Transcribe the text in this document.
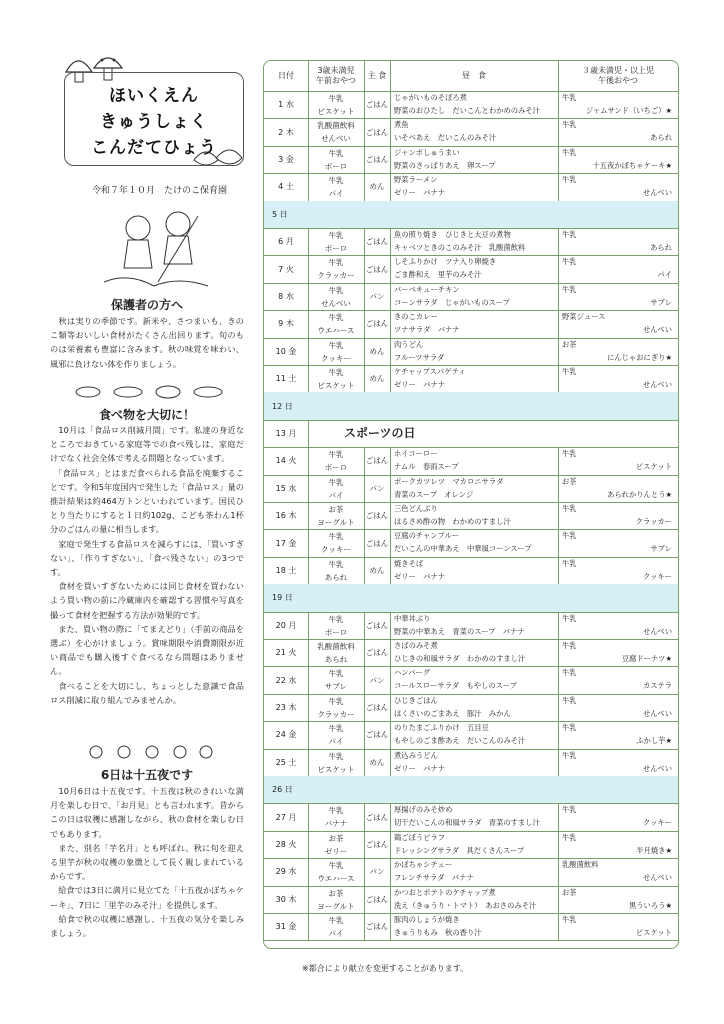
ほいくえん
きゅうしょく
こんだてひょう
令和７年１０月　たけのこ保育園
保護者の方へ
　秋は実りの季節です。新米や、さつまいも、きのこ類等おいしい食材がたくさん出回ります。旬のものは栄養素も豊富に含みます。秋の味覚を味わい、風邪に負けない体を作りましょう。
食べ物を大切に！
　10月は「食品ロス削減月間」です。私達の身近なところでおきている家庭等での食べ残しは、家庭だけでなく社会全体で考える問題となっています。
　「食品ロス」とはまだ食べられる食品を廃棄することです。令和5年度国内で発生した「食品ロス」量の推計結果は約464万トンといわれています。国民ひとり当たりにすると１日約102g、こども茶わん1杯分のごはんの量に相当します。
　家庭で発生する食品ロスを減らすには、「買いすぎない」、「作りすぎない」、「食べ残さない」の3つです。
　食材を買いすぎないためには同じ食材を買わないよう買い物の前に冷蔵庫内を確認する習慣や写真を撮って食材を把握する方法が効果的です。
　また、買い物の際に「てまえどり」（手前の商品を選ぶ）を心がけましょう。賞味期限や消費期限が近い商品でも購入後すぐ食べるなら問題はありません。
　食べることを大切にし、ちょっとした意識で食品ロス削減に取り組んでみませんか。
6日は十五夜です
　10月6日は十五夜です。十五夜は秋のきれいな満月を楽しむ日で、「お月見」とも言われます。昔からこの日は収穫に感謝しながら、秋の食材を楽しむ日でもあります。
　また、別名「芋名月」とも呼ばれ、秋に旬を迎える里芋が秋の収穫の象徴として長く親しまれているからです。
　給食では3日に満月に見立てた「十五夜かぼちゃケーキ」、7日に「里芋のみそ汁」を提供します。
　給食で秋の収穫に感謝し、十五夜の気分を楽しみましょう。
日付
3歳未満児
午前おやつ
主 食	昼　食
３歳未満児・以上児
午後おやつ
1
水
牛乳
ビスケット
ごはん
じゃがいものそぼろ煮
野菜のおひたし　だいこんとわかめのみそ汁
牛乳
ジャムサンド（いちご）★
2
木
乳酸菌飲料
せんべい
ごはん
煮魚
いそべあえ　だいこんのみそ汁
牛乳
あられ
3
金
牛乳
ボーロ
ごはん
ジャンボしゅうまい
野菜のさっぱりあえ　卵スープ
牛乳
十五夜かぼちゃケーキ★
4
土
牛乳
パイ
めん
野菜ラーメン
ゼリー　バナナ
牛乳
せんべい
5
日
6
月
牛乳
ボーロ
ごはん
魚の照り焼き　ひじきと大豆の煮物
キャベツときのこのみそ汁　乳酸菌飲料
牛乳
あられ
7
火
牛乳
クラッカー
ごはん
しそふりかけ　ツナ入り卵焼き
ごま酢和え　里芋のみそ汁
牛乳
パイ
8
水
牛乳
せんべい
パン
バーベキューチキン
コーンサラダ　じゃがいものスープ
牛乳
サブレ
9
木
牛乳
ウエハース
ごはん
きのこカレー
ツナサラダ　バナナ
野菜ジュース
せんべい
10
金
牛乳
クッキー
めん
肉うどん
フルーツサラダ
お茶
にんじゃおにぎり★
11
土
牛乳
ビスケット
めん
ケチャップスパゲティ
ゼリー　バナナ
牛乳
せんべい
12
日
13
月	スポーツの日
14
火
牛乳
ボーロ
ごはん
ホイコーロー
ナムル　春雨スープ
牛乳
ビスケット
15
水
牛乳
パイ
パン
ポークカツレツ　マカロニサラダ
青菜のスープ　オレンジ
お茶
あられかりんとう★
16
木
お茶
ヨーグルト
ごはん
三色どんぶり
はるさめ酢の物　わかめのすまし汁
牛乳
クラッカー
17
金
牛乳
クッキー
ごはん
豆腐のチャンプルー
だいこんの中華あえ　中華風コーンスープ
牛乳
サブレ
18
土
牛乳
あられ
めん
焼きそば
ゼリー　バナナ
牛乳
クッキー
19
日
20
月
牛乳
ボーロ
ごはん
中華丼ぶり
野菜の中華あえ　青菜のスープ　バナナ
牛乳
せんべい
21
火
乳酸菌飲料
あられ
ごはん
さばのみそ煮
ひじきの和風サラダ　わかめのすまし汁
牛乳
豆腐ドーナツ★
22
水
牛乳
サブレ
パン
ハンバーグ
コールスローサラダ　もやしのスープ
牛乳
カステラ
23
木
牛乳
クラッカー
ごはん
ひじきごはん
はくさいのごまあえ　豚汁　みかん
牛乳
せんべい
24
金
牛乳
パイ
ごはん
のりたまごふりかけ　五目豆
もやしのごま酢あえ　だいこんのみそ汁
牛乳
ふかし芋★
25
土
牛乳
ビスケット
めん
煮込みうどん
ゼリー　バナナ
牛乳
せんべい
26
日
27
月
牛乳
バナナ
ごはん
厚揚げのみそ炒め
切干だいこんの和風サラダ　青菜のすまし汁
牛乳
クッキー
28
火
お茶
ゼリー
ごはん
鶏ごぼうピラフ
ドレッシングサラダ　具だくさんスープ
牛乳
半月焼き★
29
水
牛乳
ウエハース
パン
かぼちゃシチュー
フレンチサラダ　バナナ
乳酸菌飲料
せんべい
30
木
お茶
ヨーグルト
ごはん
かつおとポテトのケチャップ煮
洗え（きゅうり・トマト）　あおさのみそ汁
お茶
黒ういろう★
31
金
牛乳
パイ
ごはん
豚肉のしょうが焼き
きゅうりもみ　秋の香り汁
牛乳
ビスケット
※都合により献立を変更することがあります。
